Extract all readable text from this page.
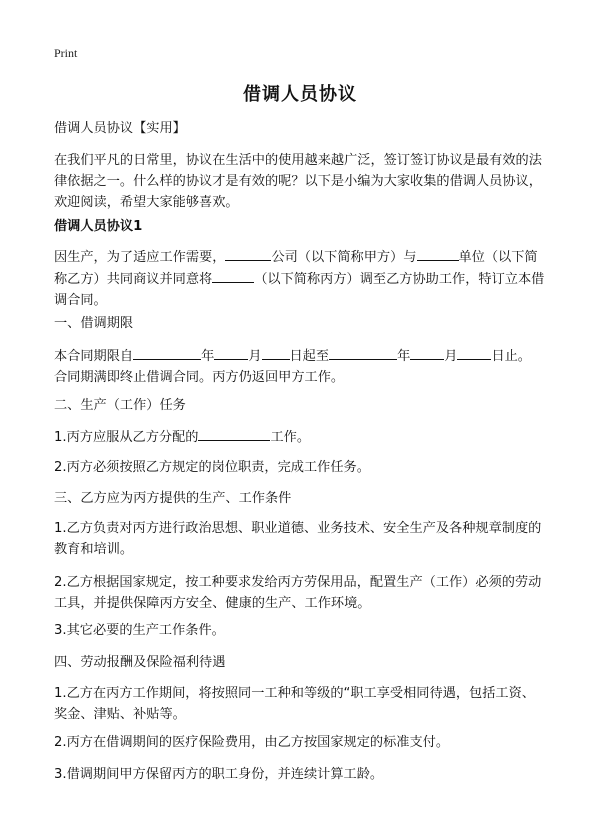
Print
借调人员协议

借调人员协议【实用】

在我们平凡的日常里，协议在生活中的使用越来越广泛，签订签订协议是最有效的法律依据之一。什么样的协议才是有效的呢？以下是小编为大家收集的借调人员协议，欢迎阅读，希望大家能够喜欢。

借调人员协议1

因生产，为了适应工作需要，	公司（以下简称甲方）与	单位（以下简称乙方）共同商议并同意将	（以下简称丙方）调至乙方协助工作，特订立本借调合同。

一、借调期限

本合同期限自	年	月 日起至	年	月	日止。
合同期满即终止借调合同。丙方仍返回甲方工作。

二、生产（工作）任务

1.丙方应服从乙方分配的	工作。

2.丙方必须按照乙方规定的岗位职责，完成工作任务。

三、乙方应为丙方提供的生产、工作条件

1.乙方负责对丙方进行政治思想、职业道德、业务技术、安全生产及各种规章制度的教育和培训。

2.乙方根据国家规定，按工种要求发给丙方劳保用品，配置生产（工作）必须的劳动工具，并提供保障丙方安全、健康的生产、工作环境。

3.其它必要的生产工作条件。

四、劳动报酬及保险福利待遇

1.乙方在丙方工作期间，将按照同一工种和等级的“职工享受相同待遇，包括工资、奖金、津贴、补贴等。

2.丙方在借调期间的医疗保险费用，由乙方按国家规定的标准支付。

3.借调期间甲方保留丙方的职工身份，并连续计算工龄。
